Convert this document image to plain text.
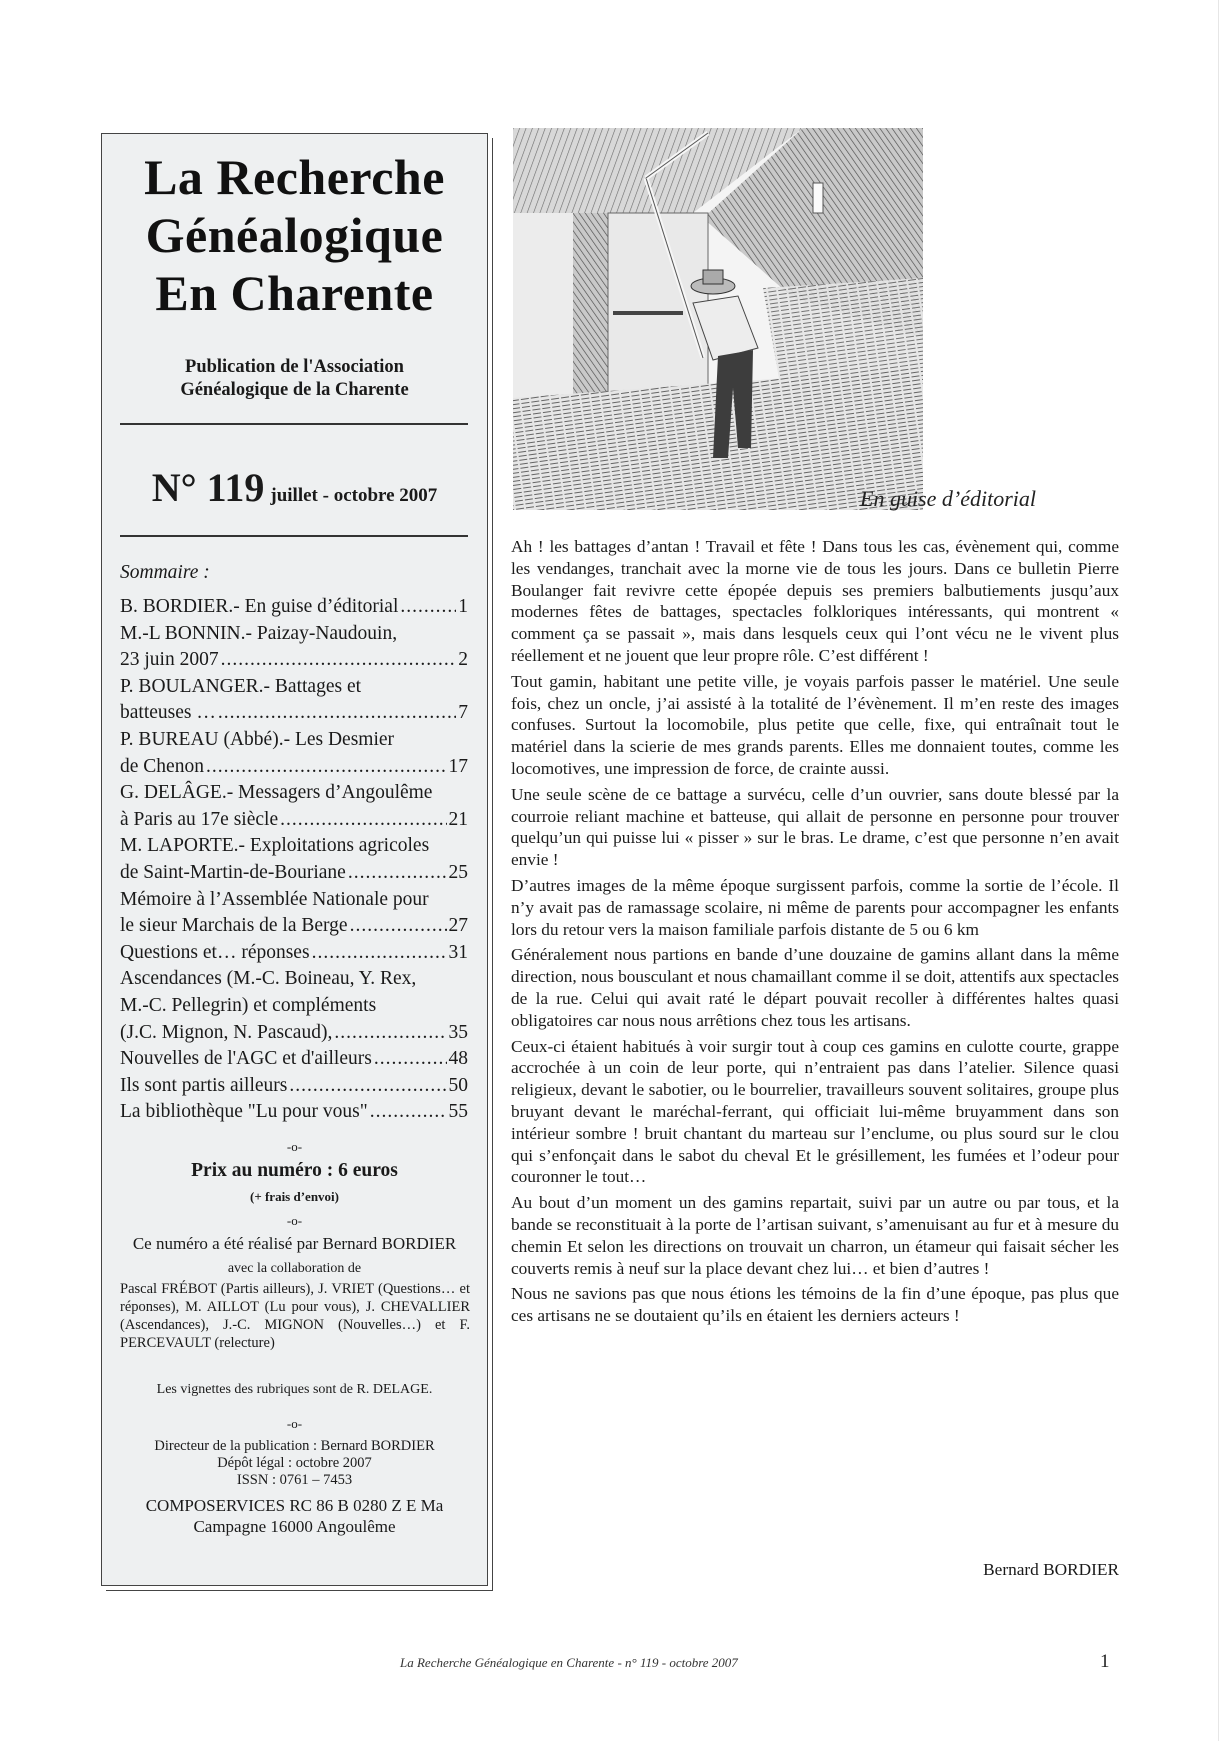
La Recherche
Généalogique
En Charente
Publication de l'Association
Généalogique de la Charente
N° 119 juillet - octobre 2007
Sommaire :
B. BORDIER.- En guise d’éditorial .....	1
M.-L BONNIN.- Paizay-Naudouin,
23 juin 2007 .....	2
P. BOULANGER.- Battages et
batteuses … .....	7
P. BUREAU (Abbé).- Les Desmier
de Chenon .....	17
G. DELÂGE.- Messagers d’Angoulême
à Paris au 17e siècle .....	21
M. LAPORTE.- Exploitations agricoles
de Saint-Martin-de-Bouriane .....	25
Mémoire à l’Assemblée Nationale pour
le sieur Marchais de la Berge .....	27
Questions et… réponses .....	31
Ascendances (M.-C. Boineau, Y. Rex,
M.-C. Pellegrin) et compléments
(J.C. Mignon, N. Pascaud), .....	35
Nouvelles de l'AGC et d'ailleurs .....	48
Ils sont partis ailleurs .....	50
La bibliothèque "Lu pour vous" .....	55
-o-
Prix au numéro : 6 euros
(+ frais d’envoi)
-o-
Ce numéro a été réalisé par Bernard BORDIER
avec la collaboration de
Pascal FRÉBOT (Partis ailleurs), J. VRIET (Questions… et réponses), M. AILLOT (Lu pour vous), J. CHEVALLIER (Ascendances), J.-C. MIGNON (Nouvelles…) et F. PERCEVAULT (relecture)
Les vignettes des rubriques sont de R. DELAGE.
-o-
Directeur de la publication : Bernard BORDIER
Dépôt légal : octobre 2007
ISSN : 0761 – 7453
COMPOSERVICES RC 86 B 0280 Z E Ma
Campagne 16000 Angoulême
En guise d’éditorial

Ah ! les battages d’antan ! Travail et fête ! Dans tous les cas, évènement qui, comme les vendanges, tranchait avec la morne vie de tous les jours. Dans ce bulletin Pierre Boulanger fait revivre cette épopée depuis ses premiers balbutiements jusqu’aux modernes fêtes de battages, spectacles folkloriques intéressants, qui montrent « comment ça se passait », mais dans lesquels ceux qui l’ont vécu ne le vivent plus réellement et ne jouent que leur propre rôle. C’est différent !

Tout gamin, habitant une petite ville, je voyais parfois passer le matériel. Une seule fois, chez un oncle, j’ai assisté à la totalité de l’évènement. Il m’en reste des images confuses. Surtout la locomobile, plus petite que celle, fixe, qui entraînait tout le matériel dans la scierie de mes grands parents. Elles me donnaient toutes, comme les locomotives, une impression de force, de crainte aussi.

Une seule scène de ce battage a survécu, celle d’un ouvrier, sans doute blessé par la courroie reliant machine et batteuse, qui allait de personne en personne pour trouver quelqu’un qui puisse lui « pisser » sur le bras. Le drame, c’est que personne n’en avait envie !

D’autres images de la même époque surgissent parfois, comme la sortie de l’école. Il n’y avait pas de ramassage scolaire, ni même de parents pour accompagner les enfants lors du retour vers la maison familiale parfois distante de 5 ou 6 km

Généralement nous partions en bande d’une douzaine de gamins allant dans la même direction, nous bousculant et nous chamaillant comme il se doit, attentifs aux spectacles de la rue. Celui qui avait raté le départ pouvait recoller à différentes haltes quasi obligatoires car nous nous arrêtions chez tous les artisans.

Ceux-ci étaient habitués à voir surgir tout à coup ces gamins en culotte courte, grappe accrochée à un coin de leur porte, qui n’entraient pas dans l’atelier. Silence quasi religieux, devant le sabotier, ou le bourrelier, travailleurs souvent solitaires, groupe plus bruyant devant le maréchal-ferrant, qui officiait lui-même bruyamment dans son intérieur sombre ! bruit chantant du marteau sur l’enclume, ou plus sourd sur le clou qui s’enfonçait dans le sabot du cheval Et le grésillement, les fumées et l’odeur pour couronner le tout…

Au bout d’un moment un des gamins repartait, suivi par un autre ou par tous, et la bande se reconstituait à la porte de l’artisan suivant, s’amenuisant au fur et à mesure du chemin Et selon les directions on trouvait un charron, un étameur qui faisait sécher les couverts remis à neuf sur la place devant chez lui… et bien d’autres !

Nous ne savions pas que nous étions les témoins de la fin d’une époque, pas plus que ces artisans ne se doutaient qu’ils en étaient les derniers acteurs !

Bernard BORDIER
La Recherche Généalogique en Charente - n° 119 - octobre 2007	1
